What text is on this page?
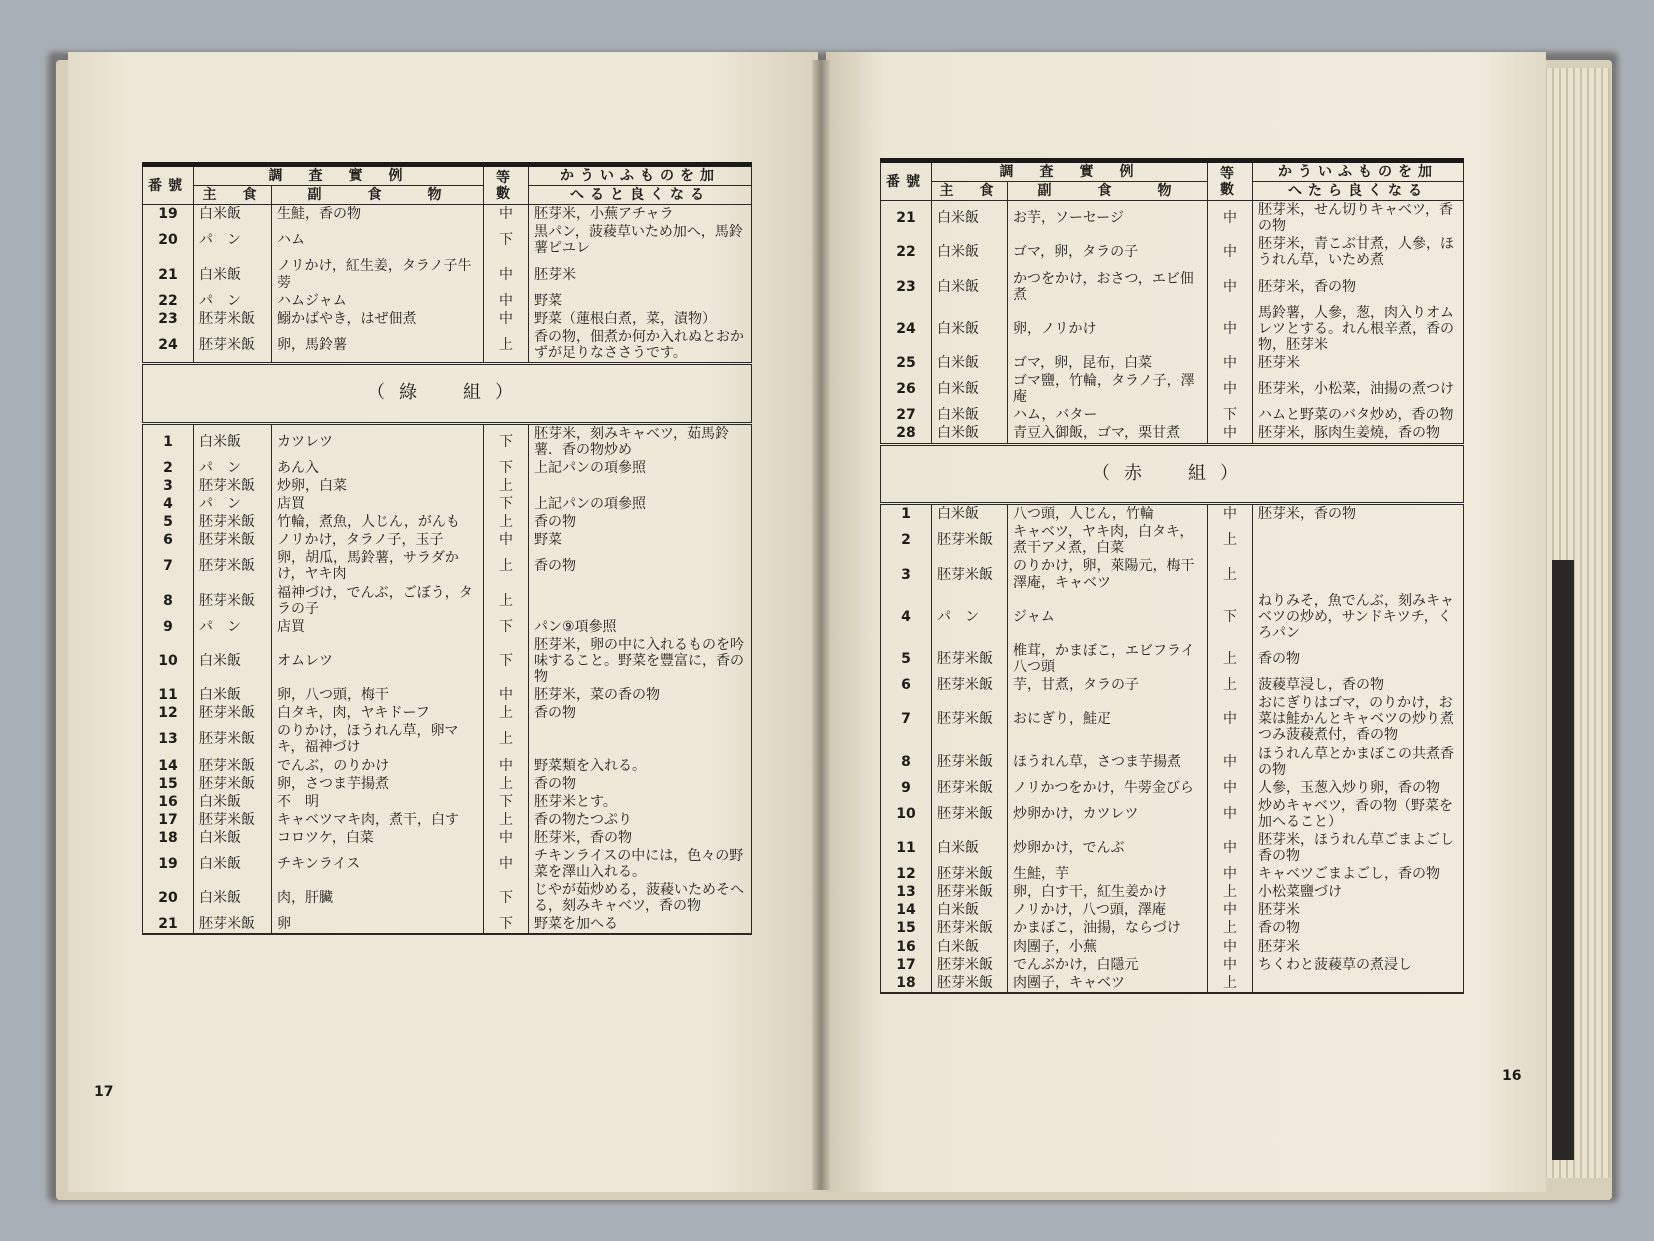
番號	調　査　實　例		等數	かういふものを加
	主　食	副　　食　　物		へると良くなる
19	白米飯	生鮭，香の物	中	胚芽米，小蕪アチャラ
20	パ　ン	ハム	下	黒パン，菠薐草いため加へ，馬鈴薯ピユレ
21	白米飯	ノリかけ，紅生姜，タラノ子牛蒡	中	胚芽米
22	パ　ン	ハムジャム	中	野菜
23	胚芽米飯	鰯かばやき，はぜ佃煮	中	野菜（蓮根白煮，菜，漬物）
24	胚芽米飯	卵，馬鈴薯	上	香の物，佃煮か何か入れぬとおかずが足りなささうです。
（綠　組）				
1	白米飯	カツレツ	下	胚芽米，刻みキャベツ，茹馬鈴薯．香の物炒め
2	パ　ン	あん入	下	上記パンの項參照
3	胚芽米飯	炒卵，白菜	上	
4	パ　ン	店買	下	上記パンの項參照
5	胚芽米飯	竹輪，煮魚，人じん，がんも	上	香の物
6	胚芽米飯	ノリかけ，タラノ子，玉子	中	野菜
7	胚芽米飯	卵，胡瓜，馬鈴薯，サラダかけ，ヤキ肉	上	香の物
8	胚芽米飯	福神づけ，でんぶ，ごぼう，タラの子	上	
9	パ　ン	店買	下	パン⑨項參照
10	白米飯	オムレツ	下	胚芽米，卵の中に入れるものを吟味すること。野菜を豐富に，香の物
11	白米飯	卵，八つ頭，梅干	中	胚芽米，菜の香の物
12	胚芽米飯	白タキ，肉，ヤキドーフ	上	香の物
13	胚芽米飯	のりかけ，ほうれん草，卵マキ，福神づけ	上	
14	胚芽米飯	でんぶ，のりかけ	中	野菜類を入れる。
15	胚芽米飯	卵，さつま芋揚煮	上	香の物
16	白米飯	不　明	下	胚芽米とす。
17	胚芽米飯	キャベツマキ肉，煮干，白す	上	香の物たつぷり
18	白米飯	コロツケ，白菜	中	胚芽米，香の物
19	白米飯	チキンライス	中	チキンライスの中には，色々の野菜を澤山入れる。
20	白米飯	肉，肝臟	下	じやが茹炒める，菠薐いためそへる，刻みキャベツ，香の物
21	胚芽米飯	卵	下	野菜を加へる
番號	調　査　實　例		等數	かういふものを加
	主　食	副　　食　　物		へたら良くなる
21	白米飯	お芋，ソーセージ	中	胚芽米，せん切りキャベツ，香の物
22	白米飯	ゴマ，卵，タラの子	中	胚芽米，青こぶ甘煮，人參，ほうれん草，いため煮
23	白米飯	かつをかけ，おさつ，エビ佃煮	中	胚芽米，香の物
24	白米飯	卵，ノリかけ	中	馬鈴薯，人參，葱，肉入りオムレツとする。れん根辛煮，香の物，胚芽米
25	白米飯	ゴマ，卵，昆布，白菜	中	胚芽米
26	白米飯	ゴマ鹽，竹輪，タラノ子，澤庵	中	胚芽米，小松菜，油揚の煮つけ
27	白米飯	ハム，バター	下	ハムと野菜のバタ炒め，香の物
28	白米飯	青豆入御飯，ゴマ，栗甘煮	中	胚芽米，豚肉生姜燒，香の物
（赤　組）				
1	白米飯	八つ頭，人じん，竹輪	中	胚芽米，香の物
2	胚芽米飯	キャベツ，ヤキ肉，白タキ，煮干アメ煮，白菜	上	
3	胚芽米飯	のりかけ，卵，萊陽元，梅干澤庵，キャベツ	上	
4	パ　ン	ジャム	下	ねりみそ，魚でんぶ，刻みキャベツの炒め，サンドキツチ，くろパン
5	胚芽米飯	椎茸，かまぼこ，エビフライ八つ頭	上	香の物
6	胚芽米飯	芋，甘煮，タラの子	上	菠薐草浸し，香の物
7	胚芽米飯	おにぎり，鮭疋	中	おにぎりはゴマ，のりかけ，お菜は鮭かんとキャベツの炒り煮つみ菠薐煮付，香の物
8	胚芽米飯	ほうれん草，さつま芋揚煮	中	ほうれん草とかまぼこの共煮香の物
9	胚芽米飯	ノリかつをかけ，牛蒡金びら	中	人參，玉葱入炒り卵，香の物
10	胚芽米飯	炒卵かけ，カツレツ	中	炒めキャベツ，香の物（野菜を加へること）
11	白米飯	炒卵かけ，でんぶ	中	胚芽米，ほうれん草ごまよごし香の物
12	胚芽米飯	生鮭，芋	中	キャベツごまよごし，香の物
13	胚芽米飯	卵，白す干，紅生姜かけ	上	小松菜鹽づけ
14	白米飯	ノリかけ，八つ頭，澤庵	中	胚芽米
15	胚芽米飯	かまぼこ，油揚，ならづけ	上	香の物
16	白米飯	肉團子，小蕪	中	胚芽米
17	胚芽米飯	でんぶかけ，白隱元	中	ちくわと菠薐草の煮浸し
18	胚芽米飯	肉團子，キャベツ	上	
17
16
